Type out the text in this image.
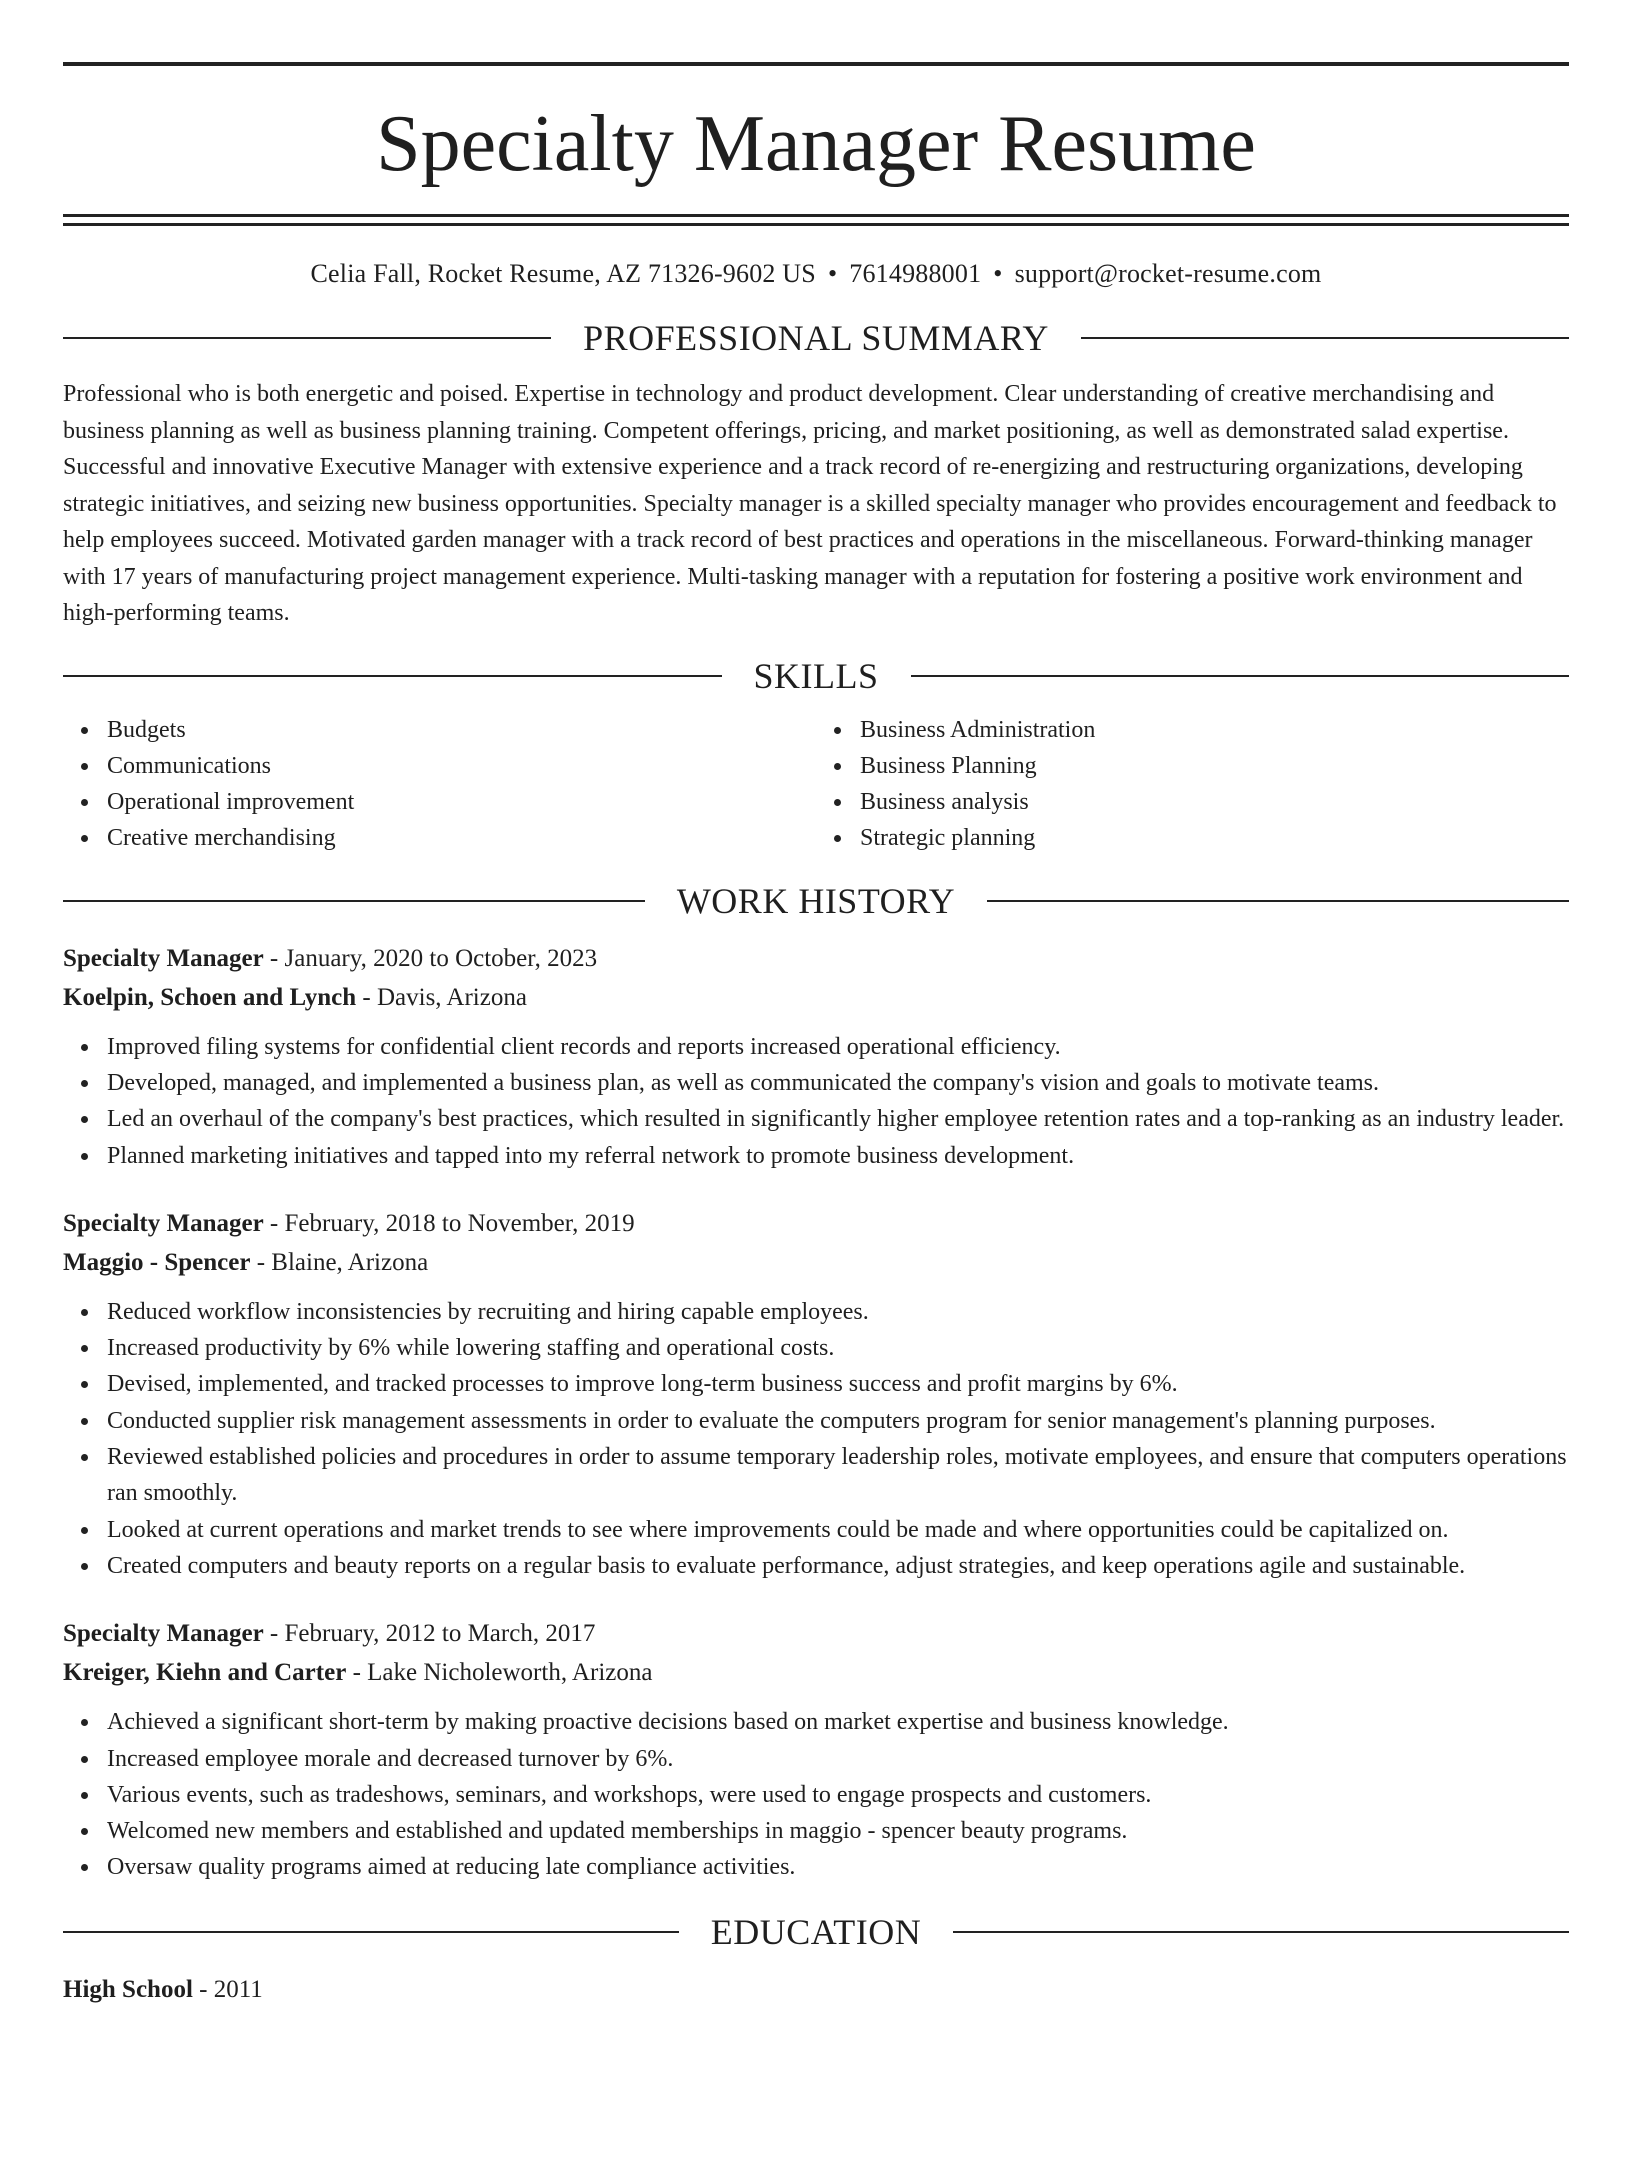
Specialty Manager Resume
Celia Fall, Rocket Resume, AZ 71326-9602 US • 7614988001 • support@rocket-resume.com
PROFESSIONAL SUMMARY

Professional who is both energetic and poised. Expertise in technology and product development. Clear understanding of creative merchandising and business planning as well as business planning training. Competent offerings, pricing, and market positioning, as well as demonstrated salad expertise. Successful and innovative Executive Manager with extensive experience and a track record of re-energizing and restructuring organizations, developing strategic initiatives, and seizing new business opportunities. Specialty manager is a skilled specialty manager who provides encouragement and feedback to help employees succeed. Motivated garden manager with a track record of best practices and operations in the miscellaneous. Forward-thinking manager with 17 years of manufacturing project management experience. Multi-tasking manager with a reputation for fostering a positive work environment and high-performing teams.

SKILLS
Budgets
Communications
Operational improvement
Creative merchandising
Business Administration
Business Planning
Business analysis
Strategic planning
WORK HISTORY
Specialty Manager - January, 2020 to October, 2023
Koelpin, Schoen and Lynch - Davis, Arizona
Improved filing systems for confidential client records and reports increased operational efficiency.
Developed, managed, and implemented a business plan, as well as communicated the company's vision and goals to motivate teams.
Led an overhaul of the company's best practices, which resulted in significantly higher employee retention rates and a top-ranking as an industry leader.
Planned marketing initiatives and tapped into my referral network to promote business development.
Specialty Manager - February, 2018 to November, 2019
Maggio - Spencer - Blaine, Arizona
Reduced workflow inconsistencies by recruiting and hiring capable employees.
Increased productivity by 6% while lowering staffing and operational costs.
Devised, implemented, and tracked processes to improve long-term business success and profit margins by 6%.
Conducted supplier risk management assessments in order to evaluate the computers program for senior management's planning purposes.
Reviewed established policies and procedures in order to assume temporary leadership roles, motivate employees, and ensure that computers operations ran smoothly.
Looked at current operations and market trends to see where improvements could be made and where opportunities could be capitalized on.
Created computers and beauty reports on a regular basis to evaluate performance, adjust strategies, and keep operations agile and sustainable.
Specialty Manager - February, 2012 to March, 2017
Kreiger, Kiehn and Carter - Lake Nicholeworth, Arizona
Achieved a significant short-term by making proactive decisions based on market expertise and business knowledge.
Increased employee morale and decreased turnover by 6%.
Various events, such as tradeshows, seminars, and workshops, were used to engage prospects and customers.
Welcomed new members and established and updated memberships in maggio - spencer beauty programs.
Oversaw quality programs aimed at reducing late compliance activities.
EDUCATION
High School - 2011
